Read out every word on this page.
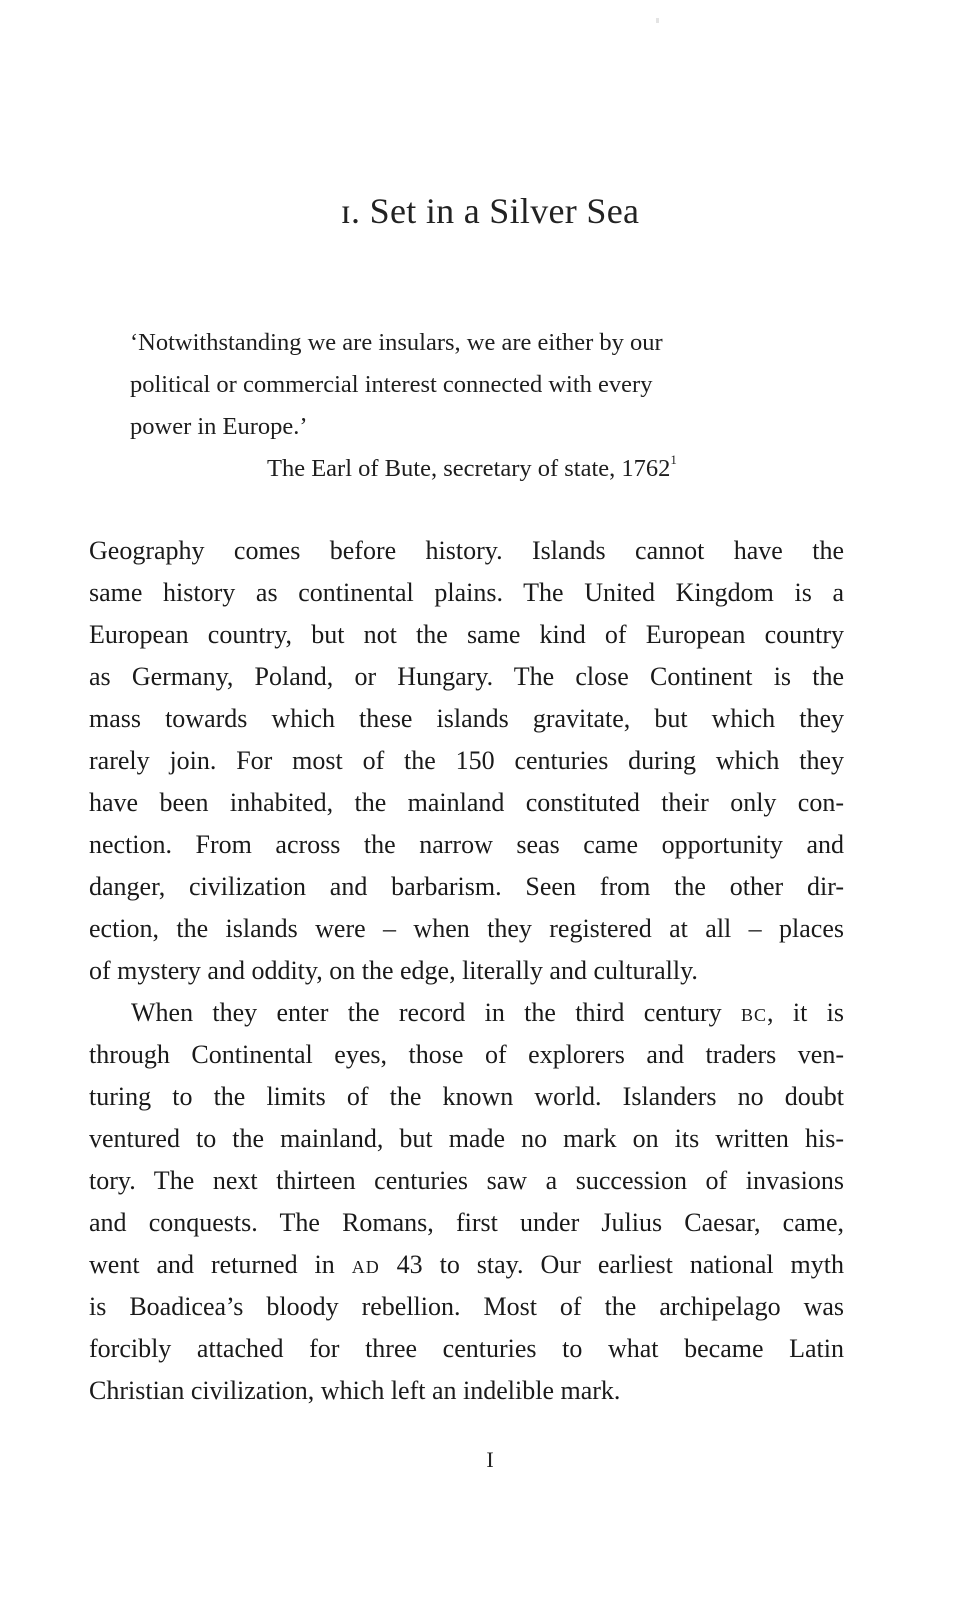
ɪ. Set in a Silver Sea
‘Notwithstanding we are insulars, we are either by our
political or commercial interest connected with every
power in Europe.’
The Earl of Bute, secretary of state, 1762$^1$
Geography comes before history. Islands cannot have the
same history as continental plains. The United Kingdom is a
European country, but not the same kind of European country
as Germany, Poland, or Hungary. The close Continent is the
mass towards which these islands gravitate, but which they
rarely join. For most of the 150 centuries during which they
have been inhabited, the mainland constituted their only con-
nection. From across the narrow seas came opportunity and
danger, civilization and barbarism. Seen from the other dir-
ection, the islands were – when they registered at all – places
of mystery and oddity, on the edge, literally and culturally.
When they enter the record in the third century BC, it is
through Continental eyes, those of explorers and traders ven-
turing to the limits of the known world. Islanders no doubt
ventured to the mainland, but made no mark on its written his-
tory. The next thirteen centuries saw a succession of invasions
and conquests. The Romans, first under Julius Caesar, came,
went and returned in AD 43 to stay. Our earliest national myth
is Boadicea’s bloody rebellion. Most of the archipelago was
forcibly attached for three centuries to what became Latin
Christian civilization, which left an indelible mark.
I
